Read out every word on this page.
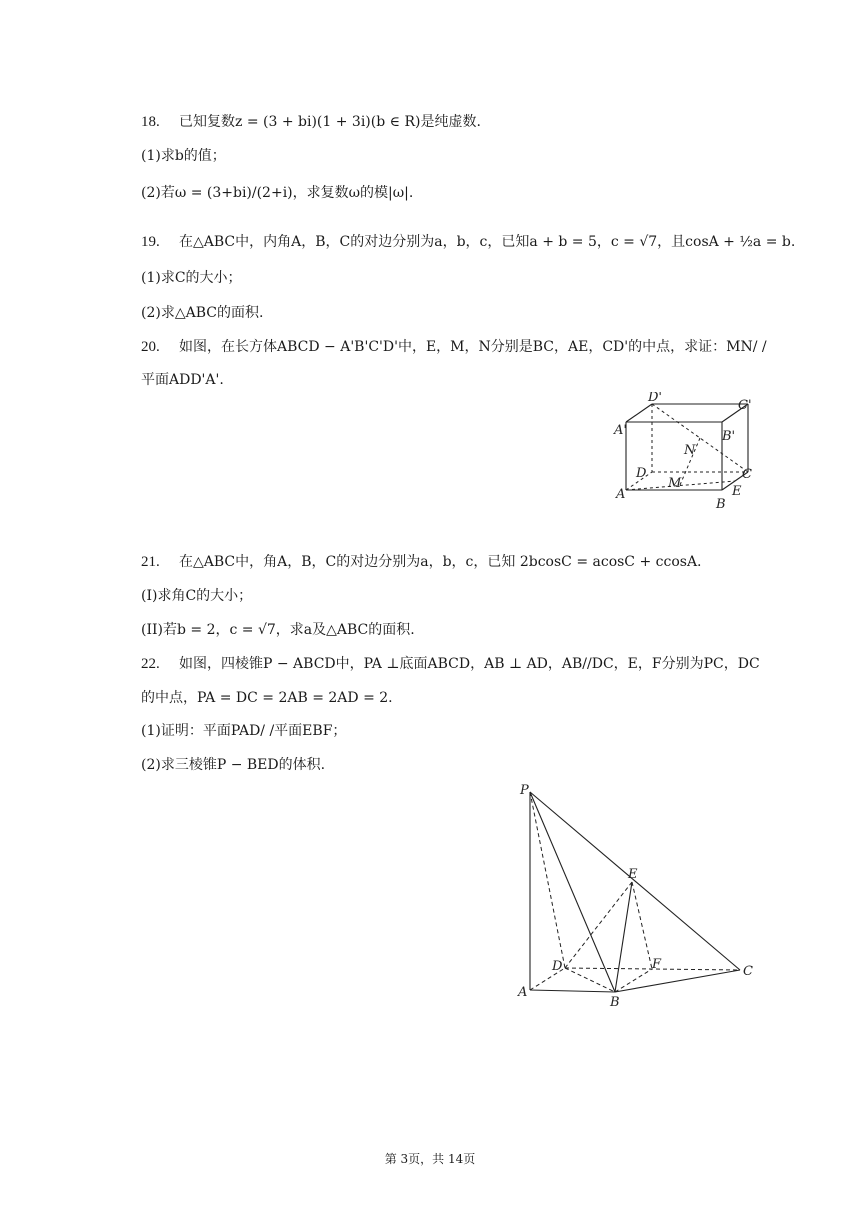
18. 已知复数z = (3 + bi)(1 + 3i)(b ∈ R)是纯虚数.
(1)求b的值；
(2)若ω = (3+bi)/(2+i)，求复数ω的模|ω|.
19. 在△ABC中，内角A，B，C的对边分别为a，b，c，已知a + b = 5，c = √7，且cosA + ½a = b.
(1)求C的大小；
(2)求△ABC的面积.
20. 如图，在长方体ABCD − A'B'C'D'中，E，M，N分别是BC，AE，CD'的中点，求证：MN/ /
平面ADD'A'.
D'
C'
A'	B'
N
D
M
C
A	E
B
21. 在△ABC中，角A，B，C的对边分别为a，b，c，已知 2bcosC = acosC + ccosA.
(I)求角C的大小；
(II)若b = 2，c = √7，求a及△ABC的面积.
22. 如图，四棱锥P − ABCD中，PA ⊥底面ABCD，AB ⊥ AD，AB//DC，E，F分别为PC，DC
的中点，PA = DC = 2AB = 2AD = 2.
(1)证明：平面PAD/ /平面EBF；
(2)求三棱锥P − BED的体积.
P
E
D	F	C
A
B
第 3页，共 14页
